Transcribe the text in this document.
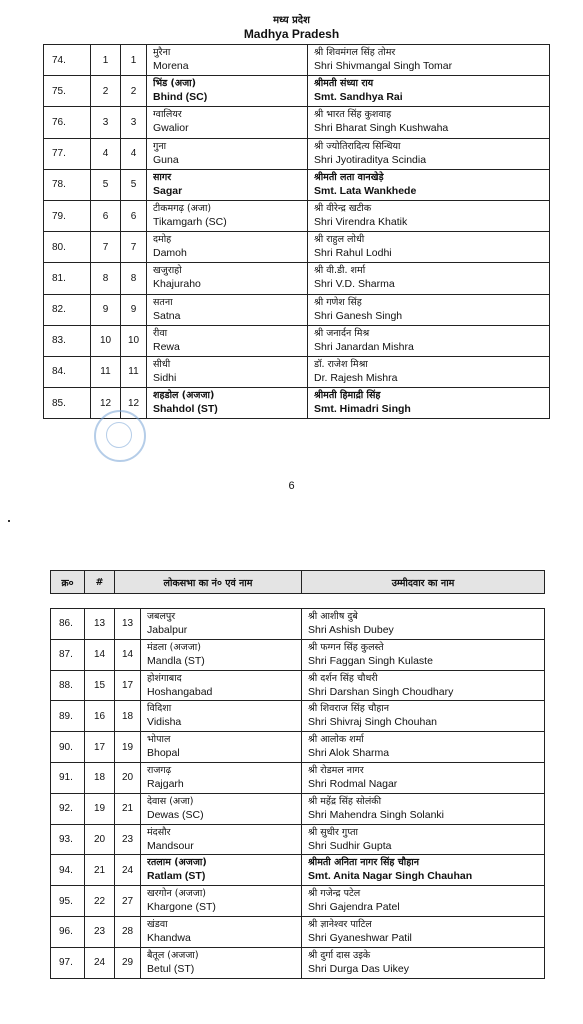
मध्य प्रदेश
Madhya Pradesh
74.	1	1	मुरैना
Morena	श्री शिवमंगल सिंह तोमर
Shri Shivmangal Singh Tomar

75.	2	2	भिंड (अजा)
Bhind (SC)	श्रीमती संध्या राय
Smt. Sandhya Rai

76.	3	3	ग्वालियर
Gwalior	श्री भारत सिंह कुशवाह
Shri Bharat Singh Kushwaha

77.	4	4	गुना
Guna	श्री ज्योतिरादित्य सिन्धिया
Shri Jyotiraditya Scindia

78.	5	5	सागर
Sagar	श्रीमती लता वानखेड़े
Smt. Lata Wankhede

79.	6	6	टीकमगढ़ (अजा)
Tikamgarh (SC)	श्री वीरेन्द्र खटीक
Shri Virendra Khatik

80.	7	7	दमोह
Damoh	श्री राहुल लोधी
Shri Rahul Lodhi

81.	8	8	खजुराहो
Khajuraho	श्री वी.डी. शर्मा
Shri V.D. Sharma

82.	9	9	सतना
Satna	श्री गणेश सिंह
Shri Ganesh Singh

83.	10	10	रीवा
Rewa	श्री जनार्दन मिश्र
Shri Janardan Mishra

84.	11	11	सीधी
Sidhi	डॉ. राजेश मिश्रा
Dr. Rajesh Mishra

85.	12	12	शहडोल (अजजा)
Shahdol (ST)	श्रीमती हिमाद्री सिंह
Smt. Himadri Singh
6
क्र०	#	लोकसभा का नं० एवं नाम		उम्मीदवार का नाम

86.	13	13	जबलपुर
Jabalpur	श्री आशीष दुबे
Shri Ashish Dubey

87.	14	14	मंडला (अजजा)
Mandla (ST)	श्री फग्गन सिंह कुलस्ते
Shri Faggan Singh Kulaste

88.	15	17	होशंगाबाद
Hoshangabad	श्री दर्शन सिंह चौधरी
Shri Darshan Singh Choudhary

89.	16	18	विदिशा
Vidisha	श्री शिवराज सिंह चौहान
Shri Shivraj Singh Chouhan

90.	17	19	भोपाल
Bhopal	श्री आलोक शर्मा
Shri Alok Sharma

91.	18	20	राजगढ़
Rajgarh	श्री रोडमल नागर
Shri Rodmal Nagar

92.	19	21	देवास (अजा)
Dewas (SC)	श्री महेंद्र सिंह सोलंकी
Shri Mahendra Singh Solanki

93.	20	23	मंदसौर
Mandsour	श्री सुधीर गुप्ता
Shri Sudhir Gupta

94.	21	24	रतलाम (अजजा)
Ratlam (ST)	श्रीमती अनिता नागर सिंह चौहान
Smt. Anita Nagar Singh Chauhan

95.	22	27	खरगोन (अजजा)
Khargone (ST)	श्री गजेन्द्र पटेल
Shri Gajendra Patel

96.	23	28	खंडवा
Khandwa	श्री ज्ञानेश्वर पाटिल
Shri Gyaneshwar Patil

97.	24	29	बैतूल (अजजा)
Betul (ST)	श्री दुर्गा दास उइके
Shri Durga Das Uikey
